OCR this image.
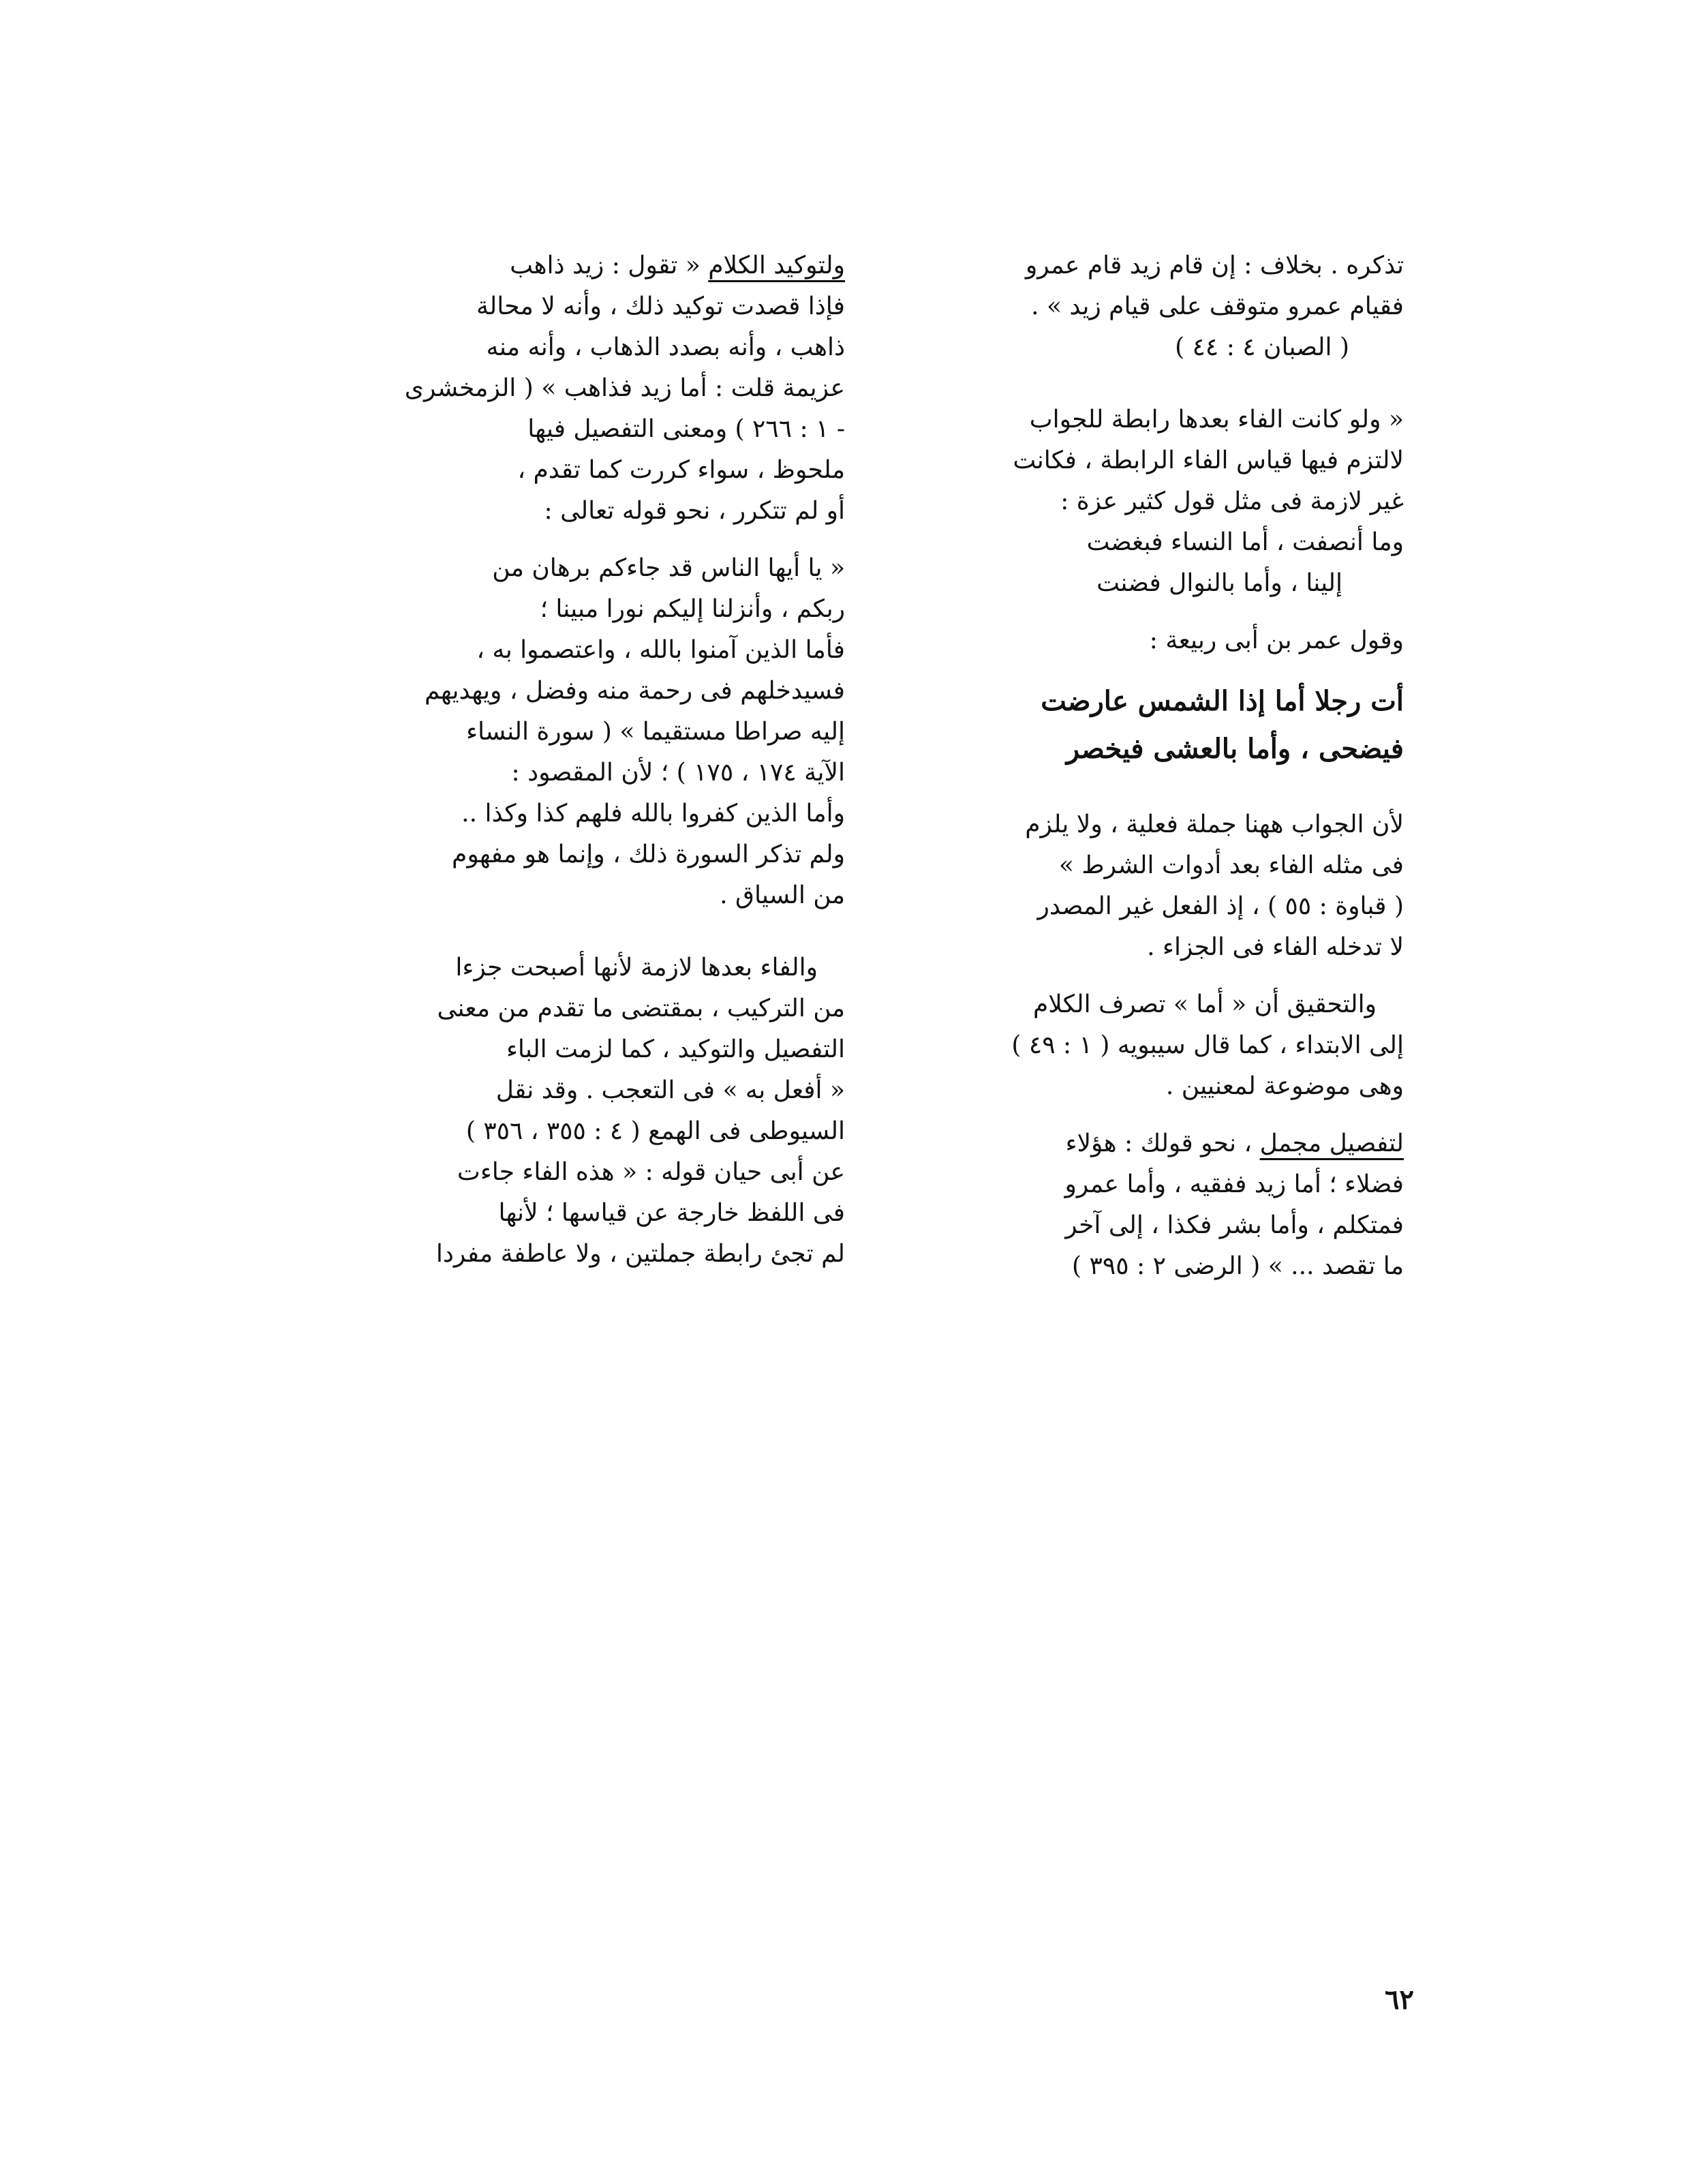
تذكره . بخلاف : إن قام زيد قام عمرو
فقيام عمرو متوقف على قيام زيد » .
( الصبان ٤ : ٤٤ )
« ولو كانت الفاء بعدها رابطة للجواب
لالتزم فيها قياس الفاء الرابطة ، فكانت
غير لازمة فى مثل قول كثير عزة :
وما أنصفت ، أما النساء فبغضت
إلينا ، وأما بالنوال فضنت
وقول عمر بن أبى ربيعة :
أت رجلا أما إذا الشمس عارضت
فيضحى ، وأما بالعشى فيخصر
لأن الجواب ههنا جملة فعلية ، ولا يلزم
فى مثله الفاء بعد أدوات الشرط »
( قباوة : ٥٥ ) ، إذ الفعل غير المصدر
لا تدخله الفاء فى الجزاء .
والتحقيق أن « أما » تصرف الكلام
إلى الابتداء ، كما قال سيبويه ( ١ : ٤٩ )
وهى موضوعة لمعنيين .
لتفصيل مجمل ، نحو قولك : هؤلاء
فضلاء ؛ أما زيد ففقيه ، وأما عمرو
فمتكلم ، وأما بشر فكذا ، إلى آخر
ما تقصد ... » ( الرضى ٢ : ٣٩٥ )
ولتوكيد الكلام « تقول : زيد ذاهب
فإذا قصدت توكيد ذلك ، وأنه لا محالة
ذاهب ، وأنه بصدد الذهاب ، وأنه منه
عزيمة قلت : أما زيد فذاهب » ( الزمخشرى
- ١ : ٢٦٦ ) ومعنى التفصيل فيها
ملحوظ ، سواء كررت كما تقدم ،
أو لم تتكرر ، نحو قوله تعالى :
« يا أيها الناس قد جاءكم برهان من
ربكم ، وأنزلنا إليكم نورا مبينا ؛
فأما الذين آمنوا بالله ، واعتصموا به ،
فسيدخلهم فى رحمة منه وفضل ، ويهديهم
إليه صراطا مستقيما » ( سورة النساء
الآية ١٧٤ ، ١٧٥ ) ؛ لأن المقصود :
وأما الذين كفروا بالله فلهم كذا وكذا ..
ولم تذكر السورة ذلك ، وإنما هو مفهوم
من السياق .
والفاء بعدها لازمة لأنها أصبحت جزءا
من التركيب ، بمقتضى ما تقدم من معنى
التفصيل والتوكيد ، كما لزمت الباء
« أفعل به » فى التعجب . وقد نقل
السيوطى فى الهمع ( ٤ : ٣٥٥ ، ٣٥٦ )
عن أبى حيان قوله : « هذه الفاء جاءت
فى اللفظ خارجة عن قياسها ؛ لأنها
لم تجئ رابطة جملتين ، ولا عاطفة مفردا
٦٢
